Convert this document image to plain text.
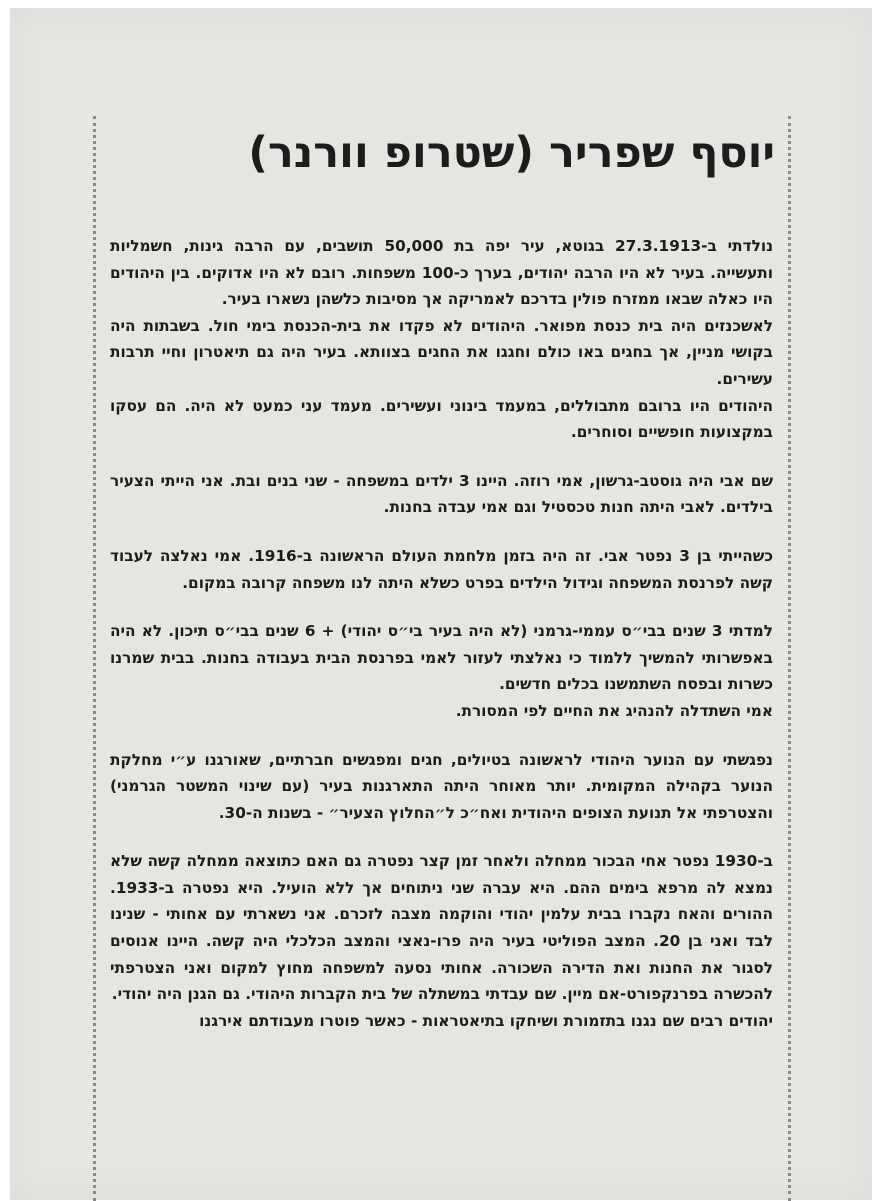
יוסף שפריר (שטרופ וורנר)

נולדתי ב-27.3.1913 בגוטא, עיר יפה בת 50,000 תושבים, עם הרבה גינות, חשמליות ותעשייה. בעיר לא היו הרבה יהודים, בערך כ-100 משפחות. רובם לא היו אדוקים. בין היהודים היו כאלה שבאו ממזרח פולין בדרכם לאמריקה אך מסיבות כלשהן נשארו בעיר.

לאשכנזים היה בית כנסת מפואר. היהודים לא פקדו את בית-הכנסת בימי חול. בשבתות היה בקושי מניין, אך בחגים באו כולם וחגגו את החגים בצוותא. בעיר היה גם תיאטרון וחיי תרבות עשירים.

היהודים היו ברובם מתבוללים, במעמד בינוני ועשירים. מעמד עני כמעט לא היה. הם עסקו במקצועות חופשיים וסוחרים.

שם אבי היה גוסטב-גרשון, אמי רוזה. היינו 3 ילדים במשפחה - שני בנים ובת. אני הייתי הצעיר בילדים. לאבי היתה חנות טכסטיל וגם אמי עבדה בחנות.

כשהייתי בן 3 נפטר אבי. זה היה בזמן מלחמת העולם הראשונה ב-1916. אמי נאלצה לעבוד קשה לפרנסת המשפחה וגידול הילדים בפרט כשלא היתה לנו משפחה קרובה במקום.

למדתי 3 שנים בבי״ס עממי-גרמני (לא היה בעיר בי״ס יהודי) + 6 שנים בבי״ס תיכון. לא היה באפשרותי להמשיך ללמוד כי נאלצתי לעזור לאמי בפרנסת הבית בעבודה בחנות. בבית שמרנו כשרות ובפסח השתמשנו בכלים חדשים.

אמי השתדלה להנהיג את החיים לפי המסורת.

נפגשתי עם הנוער היהודי לראשונה בטיולים, חגים ומפגשים חברתיים, שאורגנו ע״י מחלקת הנוער בקהילה המקומית. יותר מאוחר היתה התארגנות בעיר (עם שינוי המשטר הגרמני) והצטרפתי אל תנועת הצופים היהודית ואח״כ ל״החלוץ הצעיר״ - בשנות ה-30.

ב-1930 נפטר אחי הבכור ממחלה ולאחר זמן קצר נפטרה גם האם כתוצאה ממחלה קשה שלא נמצא לה מרפא בימים ההם. היא עברה שני ניתוחים אך ללא הועיל. היא נפטרה ב-1933. ההורים והאח נקברו בבית עלמין יהודי והוקמה מצבה לזכרם. אני נשארתי עם אחותי - שנינו לבד ואני בן 20. המצב הפוליטי בעיר היה פרו-נאצי והמצב הכלכלי היה קשה. היינו אנוסים לסגור את החנות ואת הדירה השכורה. אחותי נסעה למשפחה מחוץ למקום ואני הצטרפתי להכשרה בפרנקפורט-אם מיין. שם עבדתי במשתלה של בית הקברות היהודי. גם הגנן היה יהודי.

יהודים רבים שם נגנו בתזמורת ושיחקו בתיאטראות - כאשר פוטרו מעבודתם אירגנו
